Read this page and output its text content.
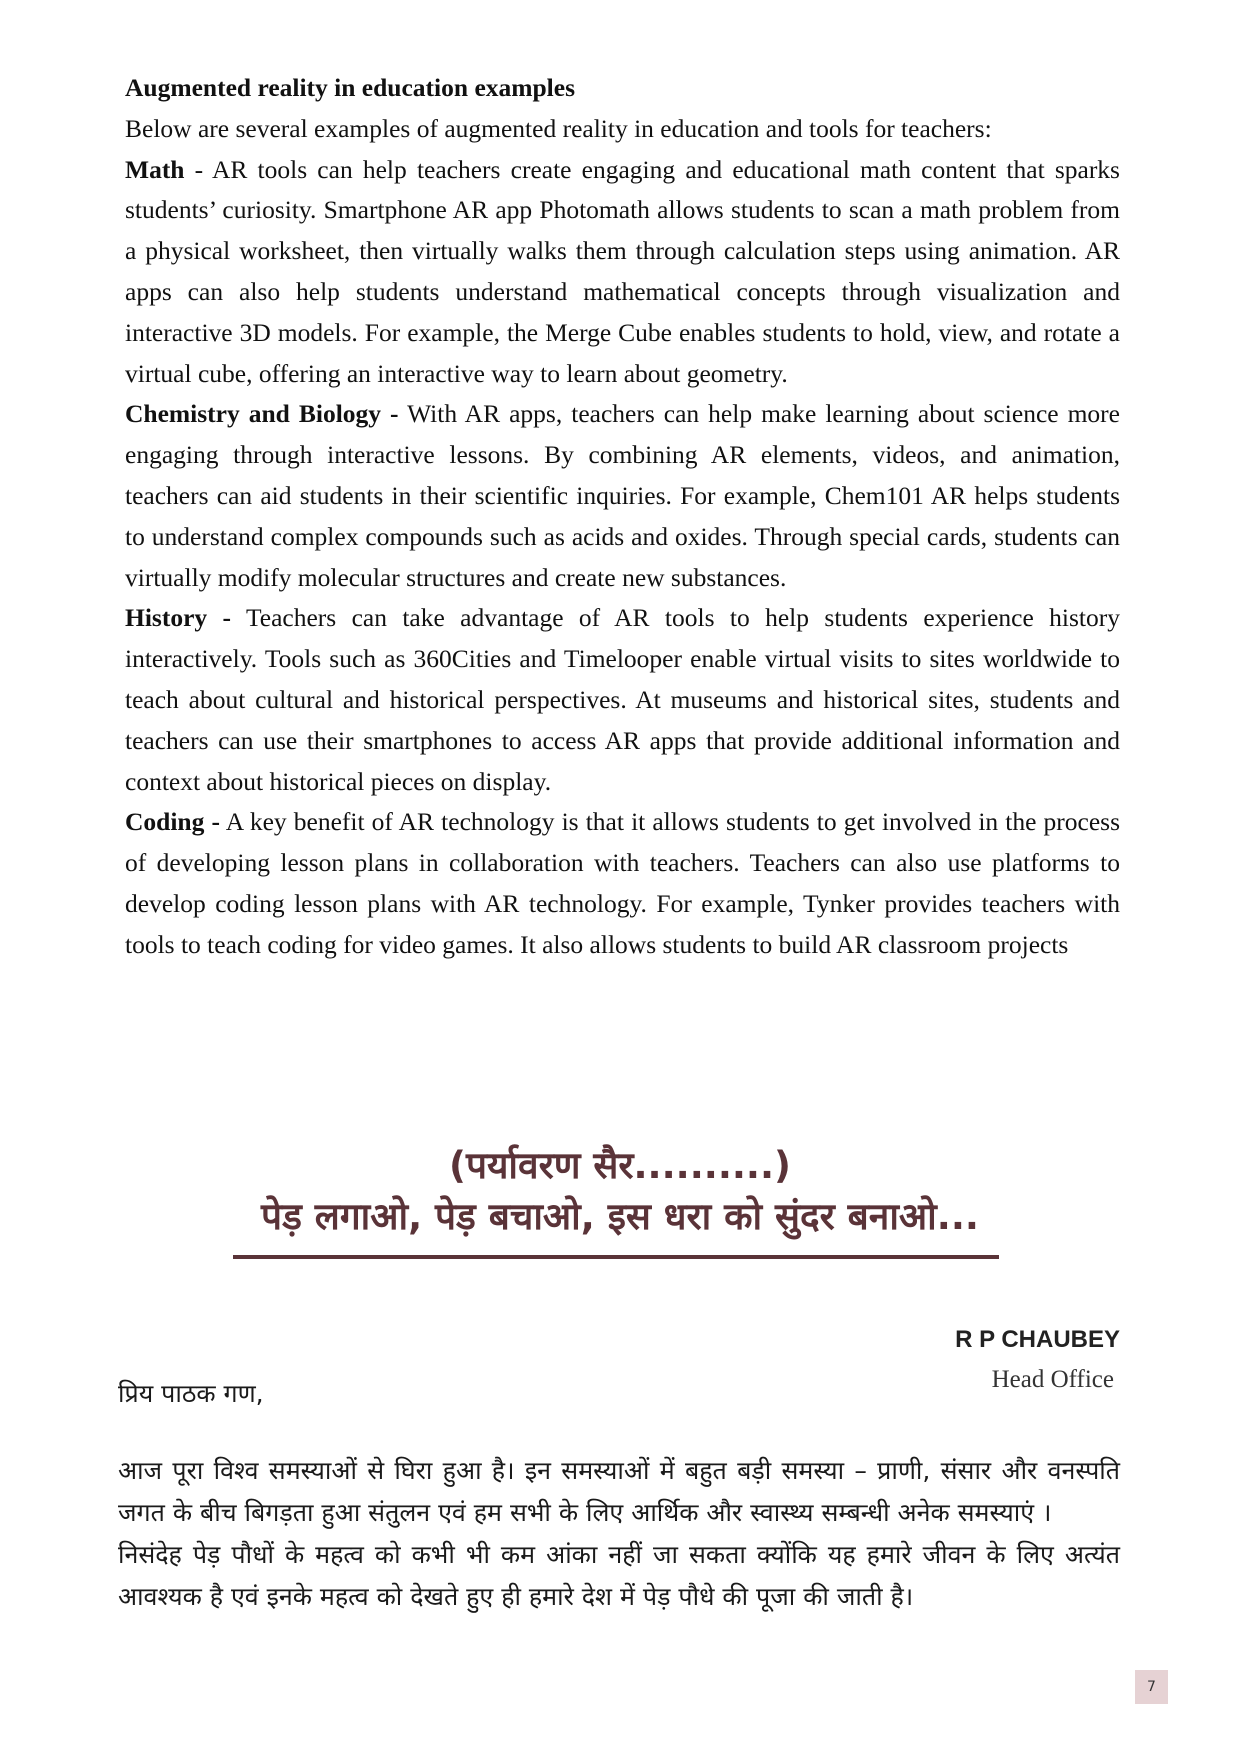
Augmented reality in education examples

Below are several examples of augmented reality in education and tools for teachers:

Math - AR tools can help teachers create engaging and educational math content that sparks students’ curiosity. Smartphone AR app Photomath allows students to scan a math problem from a physical worksheet, then virtually walks them through calculation steps using animation. AR apps can also help students understand mathematical concepts through visualization and interactive 3D models. For example, the Merge Cube enables students to hold, view, and rotate a virtual cube, offering an interactive way to learn about geometry.

Chemistry and Biology - With AR apps, teachers can help make learning about science more engaging through interactive lessons. By combining AR elements, videos, and animation, teachers can aid students in their scientific inquiries. For example, Chem101 AR helps students to understand complex compounds such as acids and oxides. Through special cards, students can virtually modify molecular structures and create new substances.

History - Teachers can take advantage of AR tools to help students experience history interactively. Tools such as 360Cities and Timelooper enable virtual visits to sites worldwide to teach about cultural and historical perspectives. At museums and historical sites, students and teachers can use their smartphones to access AR apps that provide additional information and context about historical pieces on display.

Coding - A key benefit of AR technology is that it allows students to get involved in the process of developing lesson plans in collaboration with teachers. Teachers can also use platforms to develop coding lesson plans with AR technology. For example, Tynker provides teachers with tools to teach coding for video games. It also allows students to build AR classroom projects

(पर्यावरण सैर..........)
पेड़ लगाओ, पेड़ बचाओ, इस धरा को सुंदर बनाओ...
R P CHAUBEY
Head Office
प्रिय पाठक गण,

आज पूरा विश्व समस्याओं से घिरा हुआ है। इन समस्याओं में बहुत बड़ी समस्या – प्राणी, संसार और वनस्पति जगत के बीच बिगड़ता हुआ संतुलन एवं हम सभी के लिए आर्थिक और स्वास्थ्य सम्बन्धी अनेक समस्याएं ।

निसंदेह पेड़ पौधों के महत्व को कभी भी कम आंका नहीं जा सकता क्योंकि यह हमारे जीवन के लिए अत्यंत आवश्यक है एवं इनके महत्व को देखते हुए ही हमारे देश में पेड़ पौधे की पूजा की जाती है।

7
